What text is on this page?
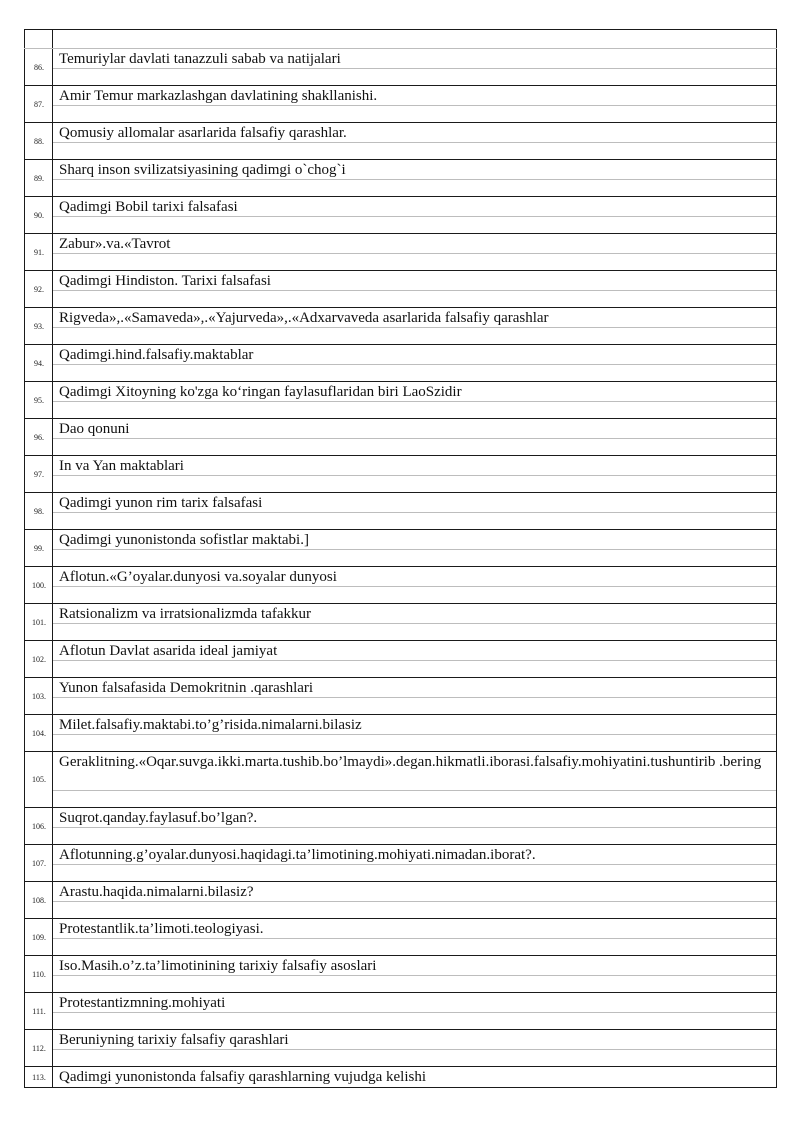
86.	Temuriylar davlati tanazzuli sabab va natijalari
87.	Amir Temur markazlashgan davlatining shakllanishi.
88.	Qomusiy allomalar asarlarida falsafiy qarashlar.
89.	Sharq inson svilizatsiyasining qadimgi o`chog`i
90.	Qadimgi Bobil tarixi falsafasi
91.	Zabur».va.«Tavrot
92.	Qadimgi Hindiston. Tarixi falsafasi
93.	Rigveda»,.«Samaveda»,.«Yajurveda»,.«Adxarvaveda asarlarida falsafiy qarashlar
94.	Qadimgi.hind.falsafiy.maktablar
95.	Qadimgi Xitoyning ko'zga ko‘ringan faylasuflaridan biri LaoSzidir
96.	Dao qonuni
97.	In va Yan maktablari
98.	Qadimgi yunon rim tarix falsafasi
99.	Qadimgi yunonistonda sofistlar maktabi.]
100.	Aflotun.«G’oyalar.dunyosi va.soyalar dunyosi
101.	Ratsionalizm va irratsionalizmda tafakkur
102.	Aflotun Davlat asarida ideal jamiyat
103.	Yunon falsafasida Demokritnin .qarashlari
104.	Milet.falsafiy.maktabi.to’g’risida.nimalarni.bilasiz
105.	Geraklitning.«Oqar.suvga.ikki.marta.tushib.bo’lmaydi».degan.hikmatli.iborasi.falsafiy.mohiyatini.tushuntirib .bering
106.	Suqrot.qanday.faylasuf.bo’lgan?.
107.	Aflotunning.g’oyalar.dunyosi.haqidagi.ta’limotining.mohiyati.nimadan.iborat?.
108.	Arastu.haqida.nimalarni.bilasiz?
109.	Protestantlik.ta’limoti.teologiyasi.
110.	Iso.Masih.o’z.ta’limotinining tarixiy falsafiy asoslari
111.	Protestantizmning.mohiyati
112.	Beruniyning tarixiy falsafiy qarashlari
113.	Qadimgi yunonistonda falsafiy qarashlarning vujudga kelishi
